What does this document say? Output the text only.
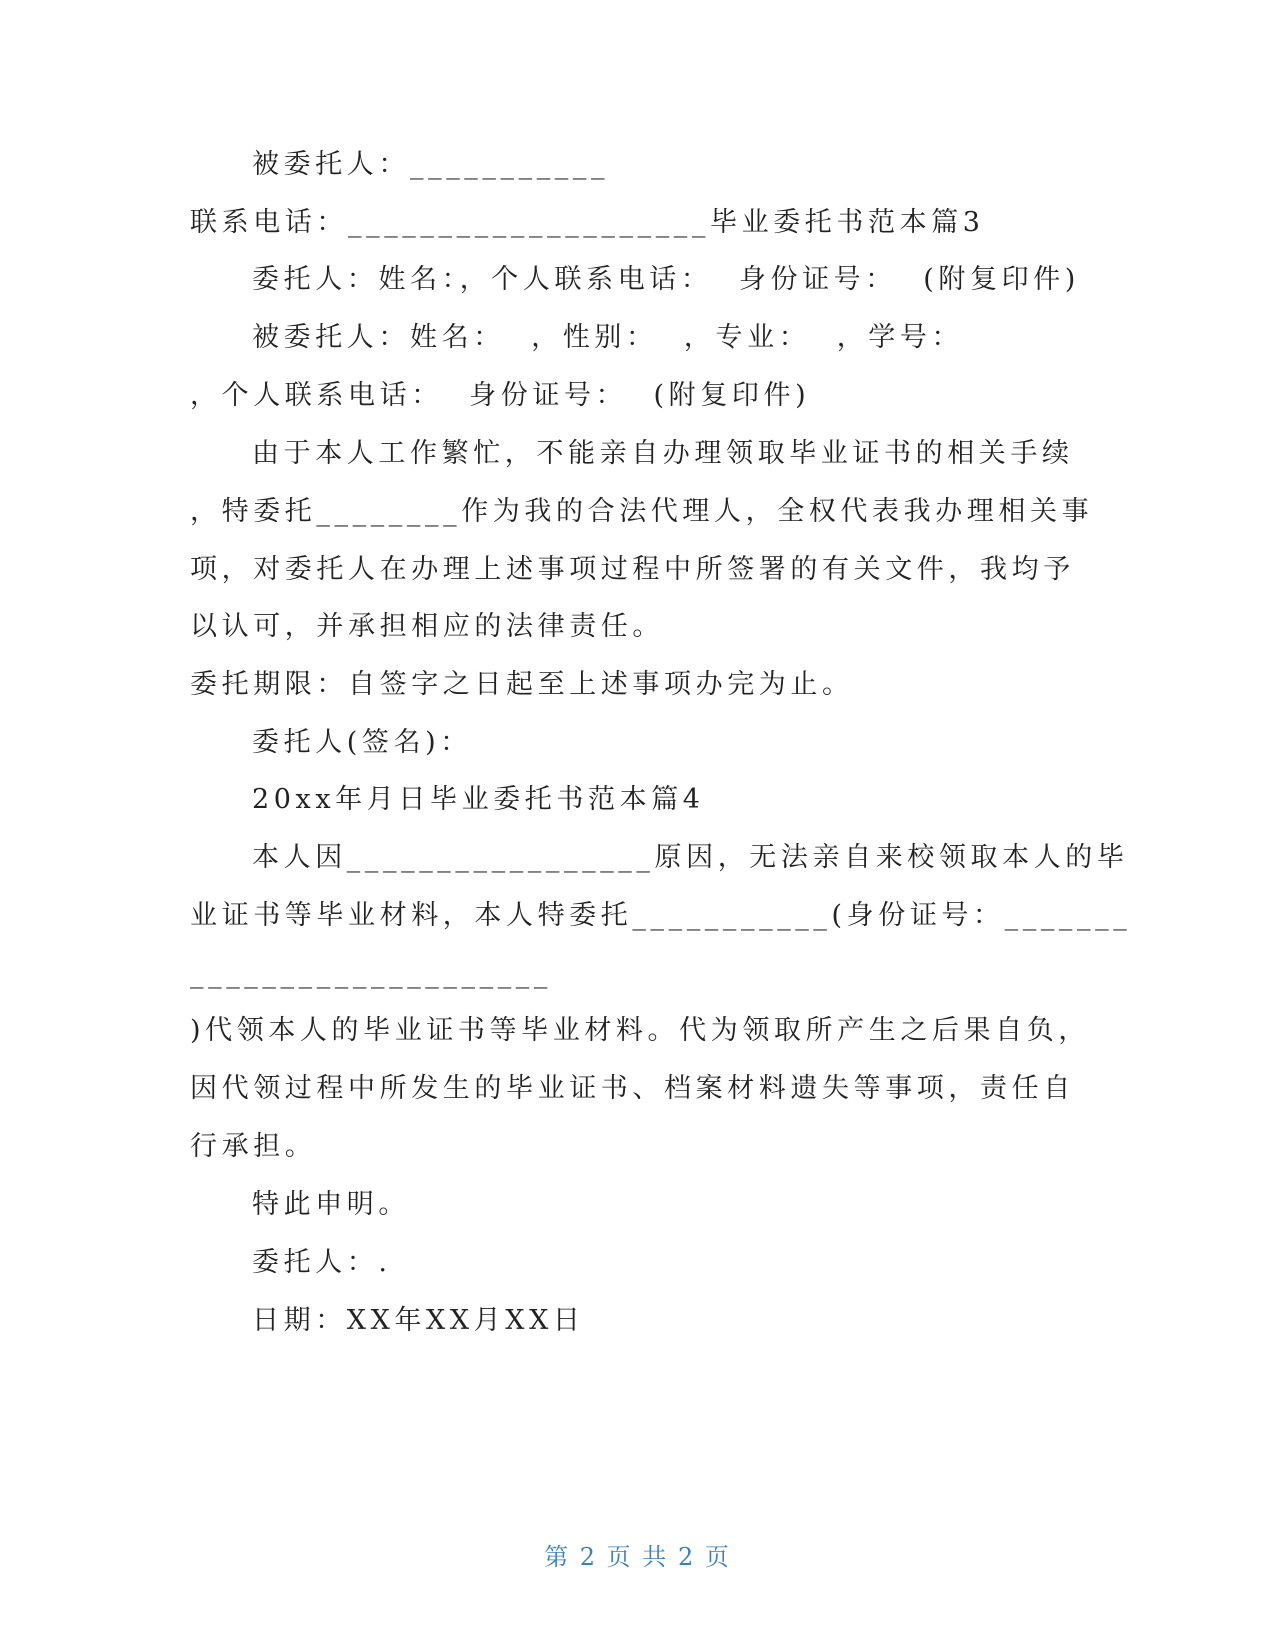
被委托人：___________
联系电话：____________________毕业委托书范本篇3
委托人：姓名：，个人联系电话：  身份证号：  (附复印件)
被委托人：姓名：  ，性别：  ，专业：  ，学号：
，个人联系电话：  身份证号：  (附复印件)
由于本人工作繁忙，不能亲自办理领取毕业证书的相关手续
，特委托________作为我的合法代理人，全权代表我办理相关事
项，对委托人在办理上述事项过程中所签署的有关文件，我均予
以认可，并承担相应的法律责任。
委托期限：自签字之日起至上述事项办完为止。
委托人(签名)：
20xx年月日毕业委托书范本篇4
本人因_________________原因，无法亲自来校领取本人的毕
业证书等毕业材料，本人特委托___________(身份证号：_______
____________________
)代领本人的毕业证书等毕业材料。代为领取所产生之后果自负，
因代领过程中所发生的毕业证书、档案材料遗失等事项，责任自
行承担。
特此申明。
委托人：.
日期：XX年XX月XX日
第 2 页 共 2 页
